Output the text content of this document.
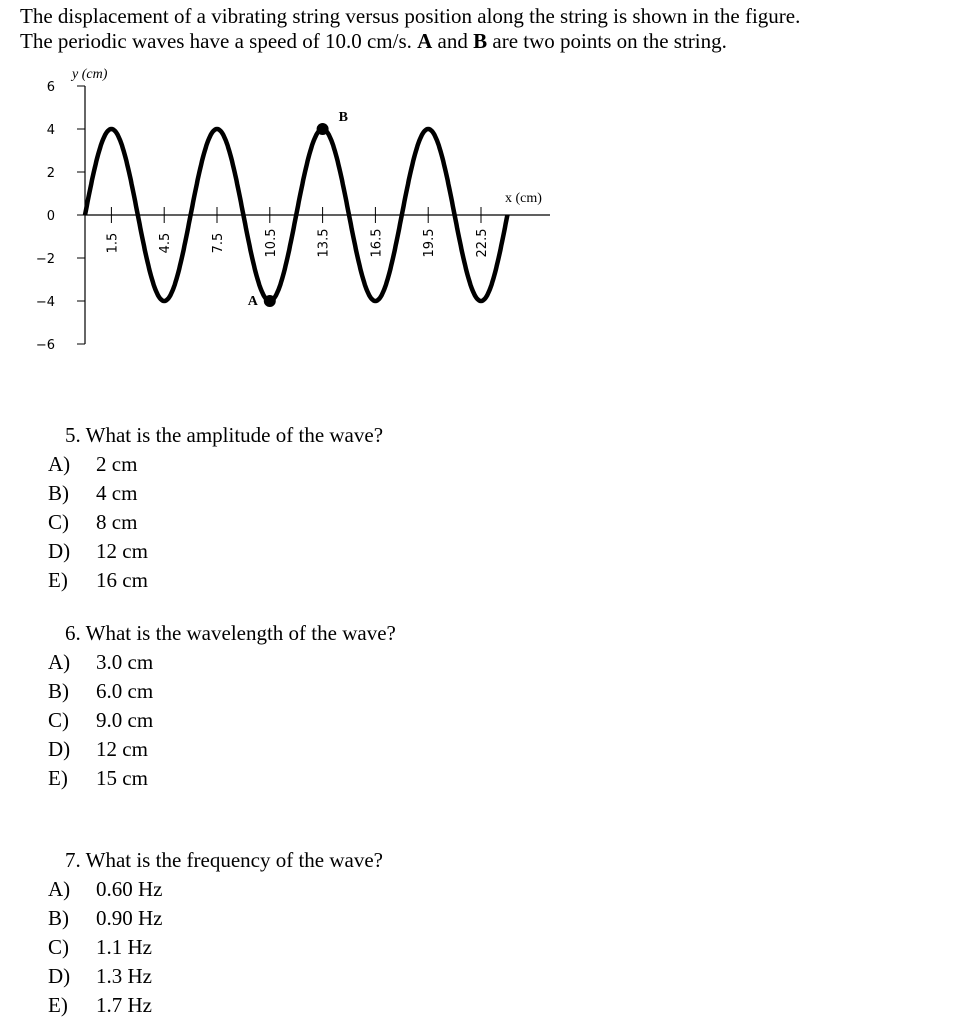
The displacement of a vibrating string versus position along the string is shown in the figure.
The periodic waves have a speed of 10.0 cm/s. A and B are two points on the string.
6
4
2
0
−2
−4
−6
1.5	4.5	7.5	10.5	13.5	16.5	19.5	22.5
y (cm)
x (cm)
A
B
5. What is the amplitude of the wave?
A)	2 cm
B)	4 cm
C)	8 cm
D)	12 cm
E)	16 cm
6. What is the wavelength of the wave?
A)	3.0 cm
B)	6.0 cm
C)	9.0 cm
D)	12 cm
E)	15 cm
7. What is the frequency of the wave?
A)	0.60 Hz
B)	0.90 Hz
C)	1.1 Hz
D)	1.3 Hz
E)	1.7 Hz
